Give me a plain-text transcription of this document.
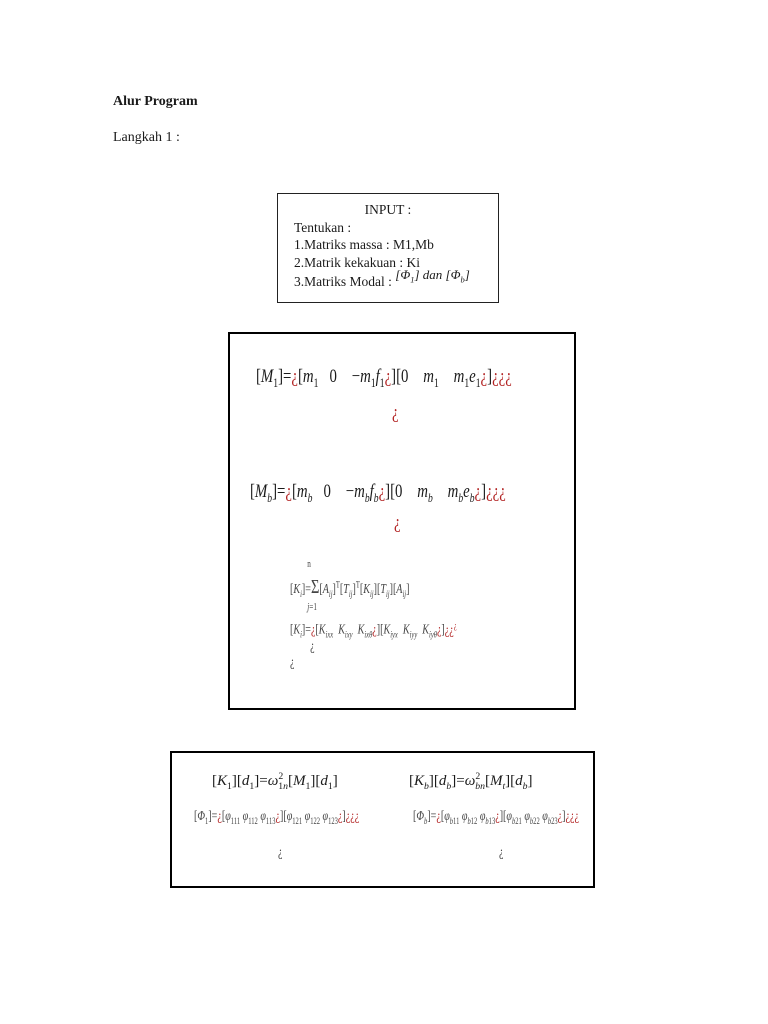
Alur Program
Langkah 1 :
INPUT :
Tentukan :
1.Matriks massa : M1,Mb
2.Matrik kekakuan : Ki
3.Matriks Modal : $[\Phi_1]$ dan $[\Phi_b]$
$[M_1]=¿[m_1$   0    $-m_1f_1¿][0$    $m_1$ $m_1e_1¿]¿¿¿$
¿
$[M_b]=¿[m_b$   0    $-m_bf_b¿][0$    $m_b$ $m_be_b¿]¿¿¿$
¿
$^n$
$[K_i]=\Sigma[A_{ij}]^T[T_{ij}]^T[K_{ij}][T_{ij}][A_{ij}]$
j=1
$[K_i]=¿[K_{ixx}$ $K_{ixy}$ $K_{ix\theta}¿][K_{iyx}$ $K_{iyy}$ $K_{iy\theta}¿]¿¿^¿$
¿
¿
$[K_1][d_1]=\omega^2_{1n}[M_1][d_1]$	$[K_b][d_b]=\omega^2_{bn}[M_t][d_b]$
$[\Phi_1]=¿[\varphi_{111}$ $\varphi_{112}$ $\varphi_{113}¿][\varphi_{121}$ $\varphi_{122}$ $\varphi_{123}¿]¿¿¿$
¿
$[\Phi_b]=¿[\varphi_{b11}$ $\varphi_{b12}$ $\varphi_{b13}¿][\varphi_{b21}$ $\varphi_{b22}$ $\varphi_{b23}¿]¿¿¿$
¿
